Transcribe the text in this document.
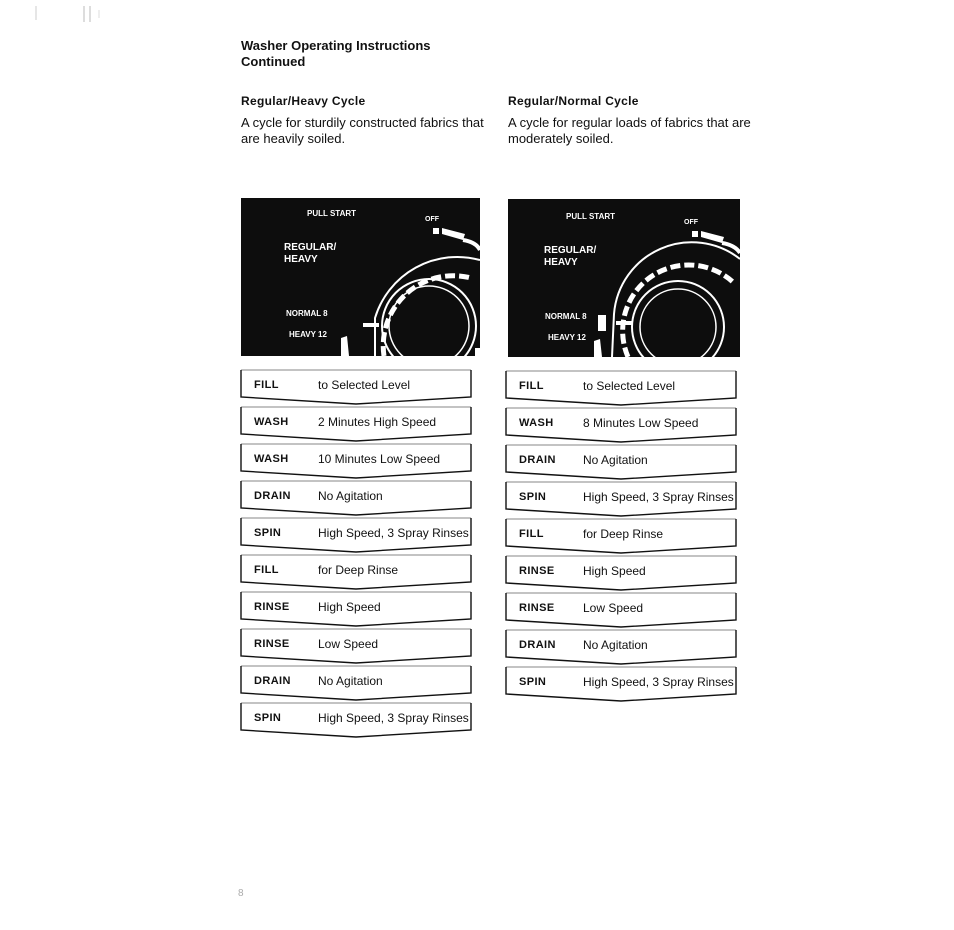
Washer Operating Instructions
Continued
Regular/Heavy Cycle

A cycle for sturdily constructed fabrics that are heavily soiled.

PULL START
OFF
REGULAR/
HEAVY
NORMAL 8
HEAVY 12
FILL	to Selected Level
WASH 2 Minutes High Speed
WASH 10 Minutes Low Speed
DRAIN No Agitation
SPIN	High Speed, 3 Spray Rinses
FILL	for Deep Rinse
RINSE High Speed
RINSE Low Speed
DRAIN No Agitation
SPIN	High Speed, 3 Spray Rinses
Regular/Normal Cycle

A cycle for regular loads of fabrics that are moderately soiled.

PULL START
OFF
REGULAR/
HEAVY
NORMAL 8
HEAVY 12
FILL	to Selected Level
WASH 8 Minutes Low Speed
DRAIN No Agitation
SPIN	High Speed, 3 Spray Rinses
FILL	for Deep Rinse
RINSE High Speed
RINSE Low Speed
DRAIN No Agitation
SPIN	High Speed, 3 Spray Rinses
8
